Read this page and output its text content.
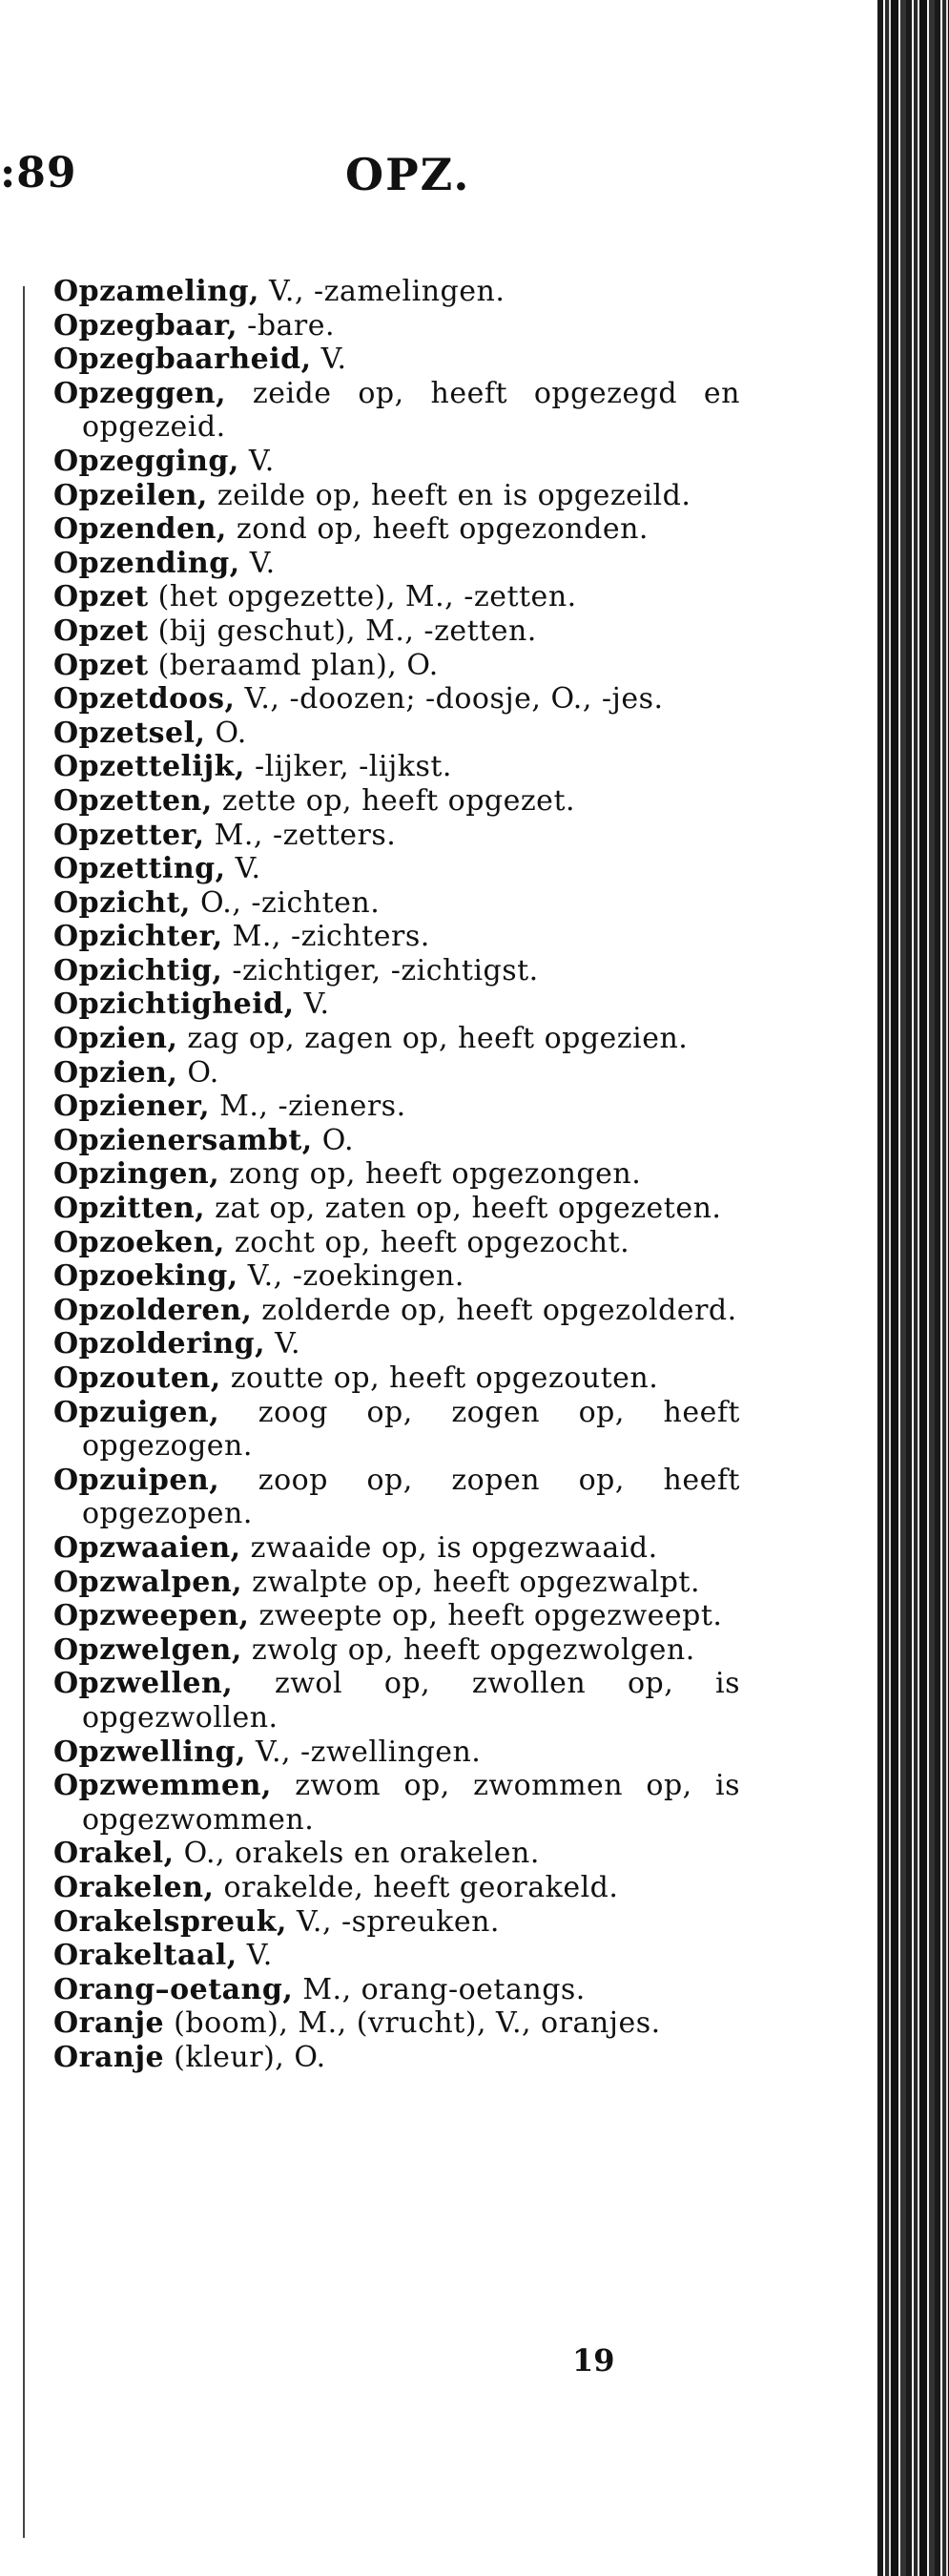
:89	OPZ.
Opzameling, V., -zamelingen.
Opzegbaar, -bare.
Opzegbaarheid, V.
Opzeggen, zeide op, heeft opgezegd en opgezeid.
Opzegging, V.
Opzeilen, zeilde op, heeft en is opgezeild.
Opzenden, zond op, heeft opgezonden.
Opzending, V.
Opzet (het opgezette), M., -zetten.
Opzet (bij geschut), M., -zetten.
Opzet (beraamd plan), O.
Opzetdoos, V., -doozen; -doosje, O., -jes.
Opzetsel, O.
Opzettelijk, -lijker, -lijkst.
Opzetten, zette op, heeft opgezet.
Opzetter, M., -zetters.
Opzetting, V.
Opzicht, O., -zichten.
Opzichter, M., -zichters.
Opzichtig, -zichtiger, -zichtigst.
Opzichtigheid, V.
Opzien, zag op, zagen op, heeft opgezien.
Opzien, O.
Opziener, M., -zieners.
Opzienersambt, O.
Opzingen, zong op, heeft opgezongen.
Opzitten, zat op, zaten op, heeft opgezeten.
Opzoeken, zocht op, heeft opgezocht.
Opzoeking, V., -zoekingen.
Opzolderen, zolderde op, heeft opgezolderd.
Opzoldering, V.
Opzouten, zoutte op, heeft opgezouten.
Opzuigen, zoog op, zogen op, heeft opgezogen.
Opzuipen, zoop op, zopen op, heeft opgezopen.
Opzwaaien, zwaaide op, is opgezwaaid.
Opzwalpen, zwalpte op, heeft opgezwalpt.
Opzweepen, zweepte op, heeft opgezweept.
Opzwelgen, zwolg op, heeft opgezwolgen.
Opzwellen, zwol op, zwollen op, is opgezwollen.
Opzwelling, V., -zwellingen.
Opzwemmen, zwom op, zwommen op, is opgezwommen.
Orakel, O., orakels en orakelen.
Orakelen, orakelde, heeft georakeld.
Orakelspreuk, V., -spreuken.
Orakeltaal, V.
Orang–oetang, M., orang-oetangs.
Oranje (boom), M., (vrucht), V., oranjes.
Oranje (kleur), O.
19
